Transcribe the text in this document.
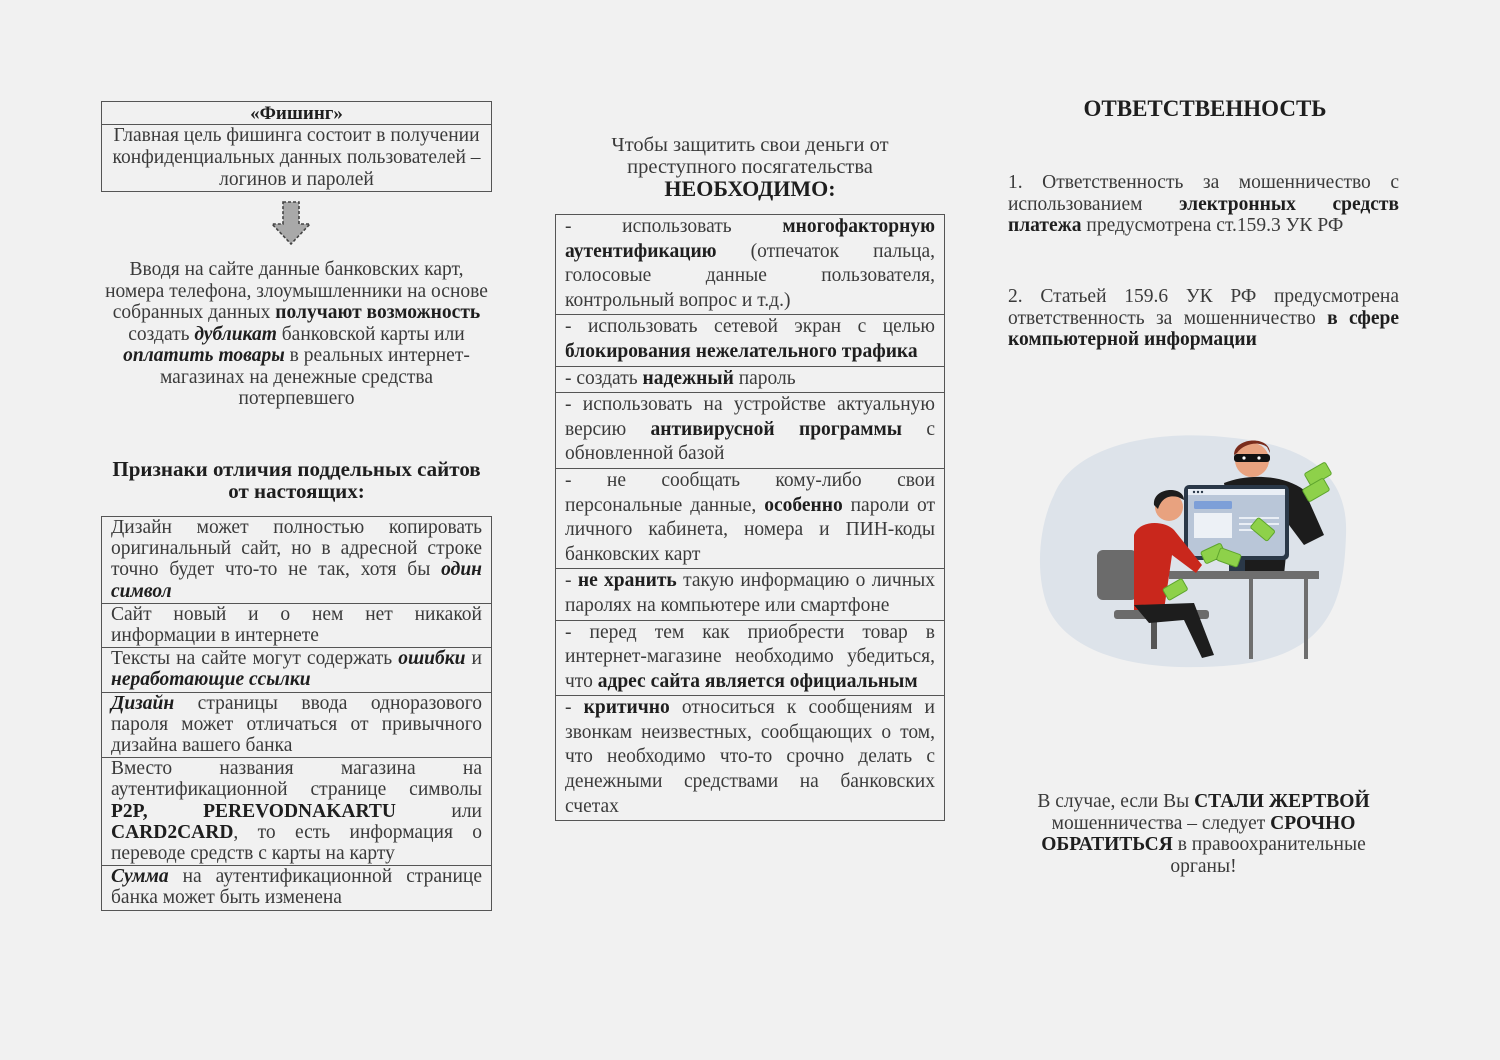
«Фишинг»
Главная цель фишинга состоит в получении конфиденциальных данных пользователей – логинов и паролей
Вводя на сайте данные банковских карт, номера телефона, злоумышленники на основе собранных данных получают возможность создать дубликат банковской карты или оплатить товары в реальных интернет-магазинах на денежные средства потерпевшего
Признаки отличия поддельных сайтов от настоящих:
Дизайн может полностью копировать оригинальный сайт, но в адресной строке точно будет что-то не так, хотя бы один символ
Сайт новый и о нем нет никакой информации в интернете
Тексты на сайте могут содержать ошибки и неработающие ссылки
Дизайн страницы ввода одноразового пароля может отличаться от привычного дизайна вашего банка
Вместо названия магазина на аутентификационной странице символы P2P, PEREVODNAKARTU или CARD2CARD, то есть информация о переводе средств с карты на карту
Сумма на аутентификационной странице банка может быть изменена
Чтобы защитить свои деньги от преступного посягательства
НЕОБХОДИМО:
- использовать многофакторную аутентификацию (отпечаток пальца, голосовые данные пользователя, контрольный вопрос и т.д.)
- использовать сетевой экран с целью блокирования нежелательного трафика
- создать надежный пароль
- использовать на устройстве актуальную версию антивирусной программы с обновленной базой
- не сообщать кому-либо свои персональные данные, особенно пароли от личного кабинета, номера и ПИН-коды банковских карт
- не хранить такую информацию о личных паролях на компьютере или смартфоне
- перед тем как приобрести товар в интернет-магазине необходимо убедиться, что адрес сайта является официальным
- критично относиться к сообщениям и звонкам неизвестных, сообщающих о том, что необходимо что-то срочно делать с денежными средствами на банковских счетах
ОТВЕТСТВЕННОСТЬ
1. Ответственность за мошенничество с использованием электронных средств платежа предусмотрена ст.159.3 УК РФ
2. Статьей 159.6 УК РФ предусмотрена ответственность за мошенничество в сфере компьютерной информации
В случае, если Вы СТАЛИ ЖЕРТВОЙ мошенничества – следует СРОЧНО ОБРАТИТЬСЯ в правоохранительные органы!
